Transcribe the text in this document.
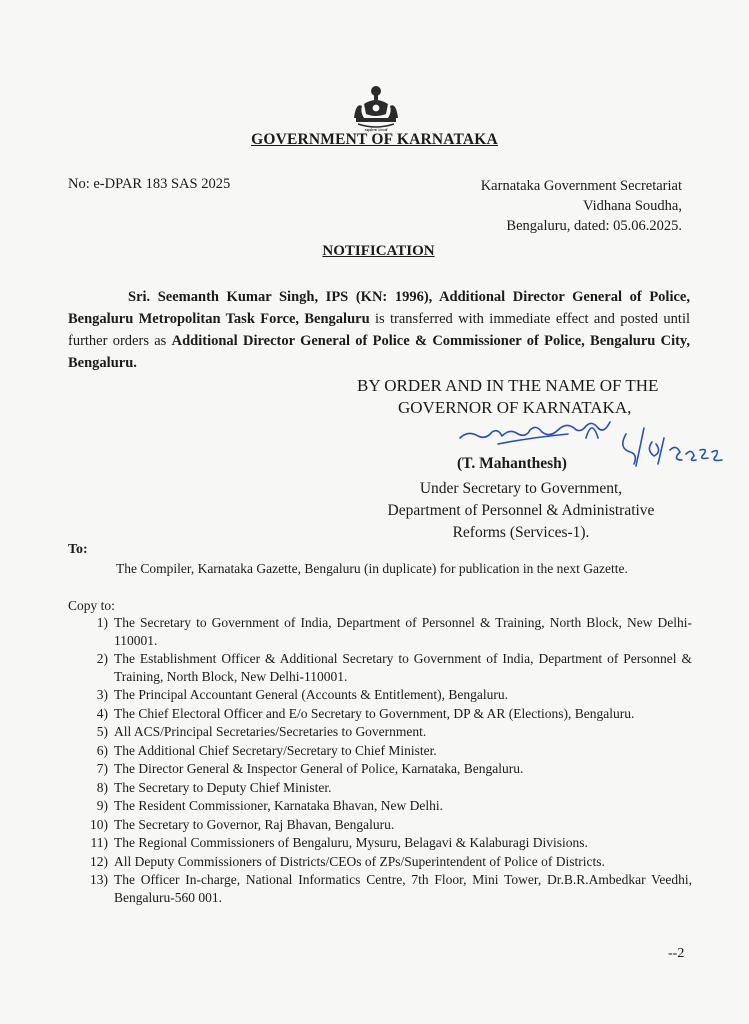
ಸತ್ಯಮೇವ ಜಯತೆ
GOVERNMENT OF KARNATAKA
No: e-DPAR 183 SAS 2025	Karnataka Government Secretariat
Vidhana Soudha,
Bengaluru, dated: 05.06.2025.
NOTIFICATION
Sri. Seemanth Kumar Singh, IPS (KN: 1996), Additional Director General of Police, Bengaluru Metropolitan Task Force, Bengaluru is transferred with immediate effect and posted until further orders as Additional Director General of Police & Commissioner of Police, Bengaluru City, Bengaluru.
BY ORDER AND IN THE NAME OF THE
GOVERNOR OF KARNATAKA,
(T. Mahanthesh)
Under Secretary to Government,
Department of Personnel & Administrative
Reforms (Services-1).
To:
The Compiler, Karnataka Gazette, Bengaluru (in duplicate) for publication in the next Gazette.
Copy to:
1) The Secretary to Government of India, Department of Personnel & Training, North Block, New Delhi-110001.
2) The Establishment Officer & Additional Secretary to Government of India, Department of Personnel & Training, North Block, New Delhi-110001.
3) The Principal Accountant General (Accounts & Entitlement), Bengaluru.
4) The Chief Electoral Officer and E/o Secretary to Government, DP & AR (Elections), Bengaluru.
5) All ACS/Principal Secretaries/Secretaries to Government.
6) The Additional Chief Secretary/Secretary to Chief Minister.
7) The Director General & Inspector General of Police, Karnataka, Bengaluru.
8) The Secretary to Deputy Chief Minister.
9) The Resident Commissioner, Karnataka Bhavan, New Delhi.
10) The Secretary to Governor, Raj Bhavan, Bengaluru.
11) The Regional Commissioners of Bengaluru, Mysuru, Belagavi & Kalaburagi Divisions.
12) All Deputy Commissioners of Districts/CEOs of ZPs/Superintendent of Police of Districts.
13) The Officer In-charge, National Informatics Centre, 7th Floor, Mini Tower, Dr.B.R.Ambedkar Veedhi, Bengaluru-560 001.
--2
